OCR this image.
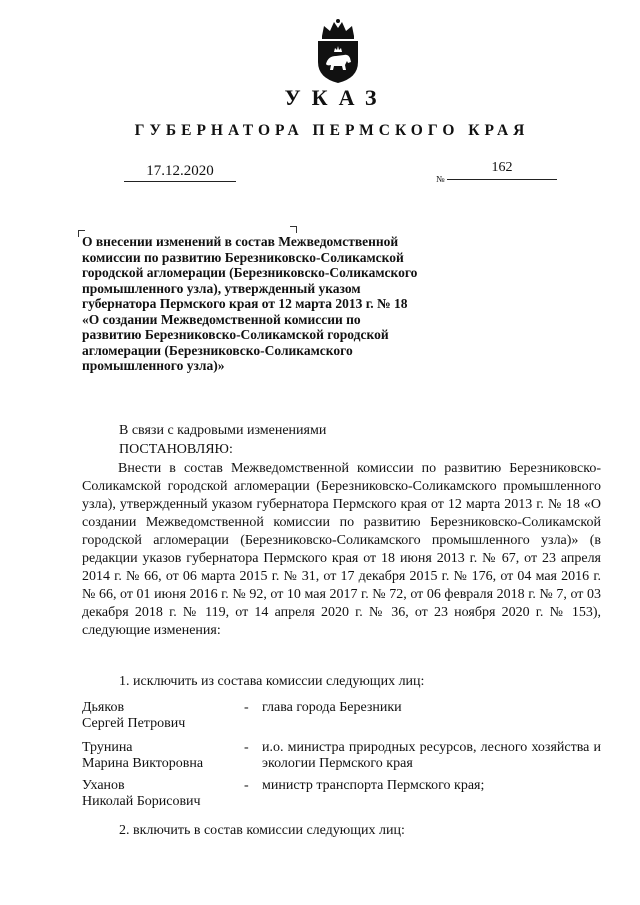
УКАЗ
ГУБЕРНАТОРА ПЕРМСКОГО КРАЯ
17.12.2020	№
162
О внесении изменений в состав Межведомственной комиссии по развитию Березниковско-Соликамской городской агломерации (Березниковско-Соликамского промышленного узла), утвержденный указом губернатора Пермского края от 12 марта 2013 г. № 18 «О создании Межведомственной комиссии по развитию Березниковско-Соликамской городской агломерации (Березниковско-Соликамского промышленного узла)»
В связи с кадровыми изменениями
ПОСТАНОВЛЯЮ:
Внести в состав Межведомственной комиссии по развитию Березниковско-Соликамской городской агломерации (Березниковско-Соликамского промышленного узла), утвержденный указом губернатора Пермского края от 12 марта 2013 г. № 18 «О создании Межведомственной комиссии по развитию Березниковско-Соликамской городской агломерации (Березниковско-Соликамского промышленного узла)» (в редакции указов губернатора Пермского края от 18 июня 2013 г. № 67, от 23 апреля 2014 г. № 66, от 06 марта 2015 г. № 31, от 17 декабря 2015 г. № 176, от 04 мая 2016 г. № 66, от 01 июня 2016 г. № 92, от 10 мая 2017 г. № 72, от 06 февраля 2018 г. № 7, от 03 декабря 2018 г. № 119, от 14 апреля 2020 г. № 36, от 23 ноября 2020 г. № 153), следующие изменения:
1. исключить из состава комиссии следующих лиц:
Дьяков
Сергей Петрович
- глава города Березники
Трунина
Марина Викторовна
- и.о. министра природных ресурсов, лесного хозяйства и экологии Пермского края
Уханов
Николай Борисович
- министр транспорта Пермского края;
2. включить в состав комиссии следующих лиц:
